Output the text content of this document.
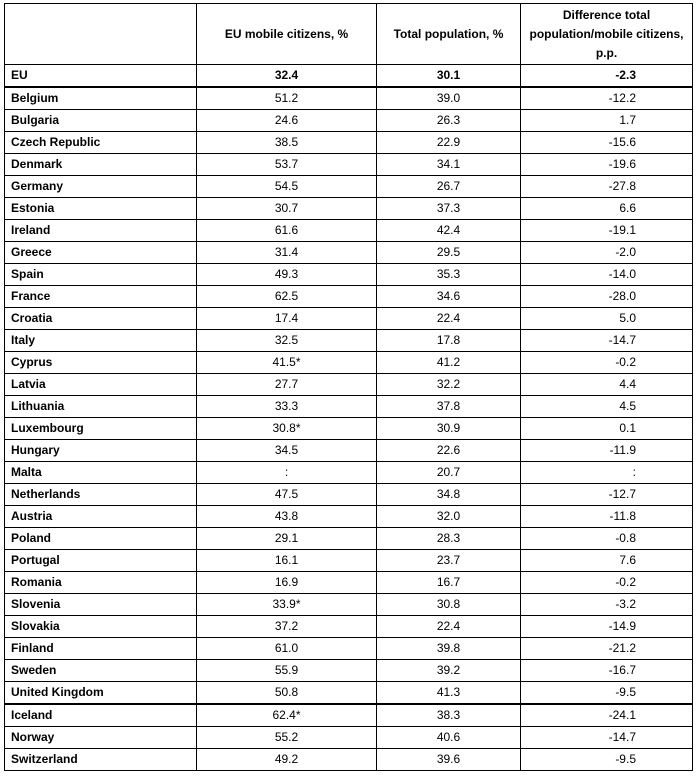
	EU mobile citizens, %	Total population, %	Difference total population/mobile citizens, p.p.
EU	32.4	30.1	-2.3
Belgium	51.2	39.0	-12.2
Bulgaria	24.6	26.3	1.7
Czech Republic	38.5	22.9	-15.6
Denmark	53.7	34.1	-19.6
Germany	54.5	26.7	-27.8
Estonia	30.7	37.3	6.6
Ireland	61.6	42.4	-19.1
Greece	31.4	29.5	-2.0
Spain	49.3	35.3	-14.0
France	62.5	34.6	-28.0
Croatia	17.4	22.4	5.0
Italy	32.5	17.8	-14.7
Cyprus	41.5*	41.2	-0.2
Latvia	27.7	32.2	4.4
Lithuania	33.3	37.8	4.5
Luxembourg	30.8*	30.9	0.1
Hungary	34.5	22.6	-11.9
Malta	:	20.7	:
Netherlands	47.5	34.8	-12.7
Austria	43.8	32.0	-11.8
Poland	29.1	28.3	-0.8
Portugal	16.1	23.7	7.6
Romania	16.9	16.7	-0.2
Slovenia	33.9*	30.8	-3.2
Slovakia	37.2	22.4	-14.9
Finland	61.0	39.8	-21.2
Sweden	55.9	39.2	-16.7
United Kingdom	50.8	41.3	-9.5
Iceland	62.4*	38.3	-24.1
Norway	55.2	40.6	-14.7
Switzerland	49.2	39.6	-9.5
